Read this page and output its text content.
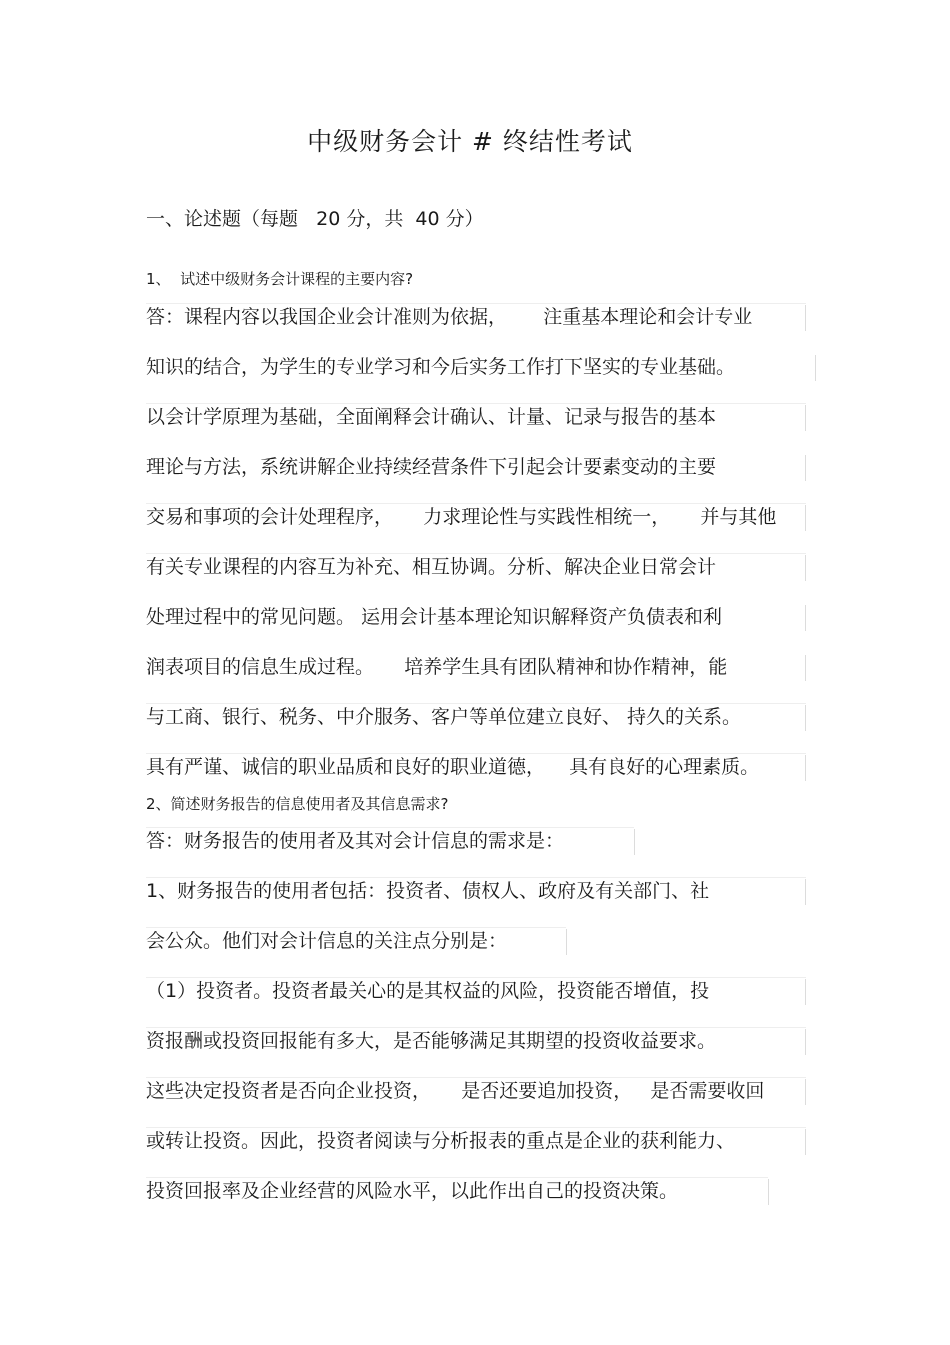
中级财务会计 # 终结性考试
一、论述题（每题   20 分，共  40 分）
1、  试述中级财务会计课程的主要内容?
答：课程内容以我国企业会计准则为依据，      注重基本理论和会计专业
知识的结合，为学生的专业学习和今后实务工作打下坚实的专业基础。
以会计学原理为基础，全面阐释会计确认、计量、记录与报告的基本
理论与方法，系统讲解企业持续经营条件下引起会计要素变动的主要
交易和事项的会计处理程序，     力求理论性与实践性相统一，     并与其他
有关专业课程的内容互为补充、相互协调。分析、解决企业日常会计
处理过程中的常见问题。 运用会计基本理论知识解释资产负债表和利
润表项目的信息生成过程。     培养学生具有团队精神和协作精神，能
与工商、银行、税务、中介服务、客户等单位建立良好、 持久的关系。
具有严谨、诚信的职业品质和良好的职业道德，    具有良好的心理素质。
2、简述财务报告的信息使用者及其信息需求?
答：财务报告的使用者及其对会计信息的需求是：
1、财务报告的使用者包括：投资者、债权人、政府及有关部门、社
会公众。他们对会计信息的关注点分别是：
（1）投资者。投资者最关心的是其权益的风险，投资能否增值，投
资报酬或投资回报能有多大，是否能够满足其期望的投资收益要求。
这些决定投资者是否向企业投资，     是否还要追加投资，   是否需要收回
或转让投资。因此，投资者阅读与分析报表的重点是企业的获利能力、
投资回报率及企业经营的风险水平，以此作出自己的投资决策。
